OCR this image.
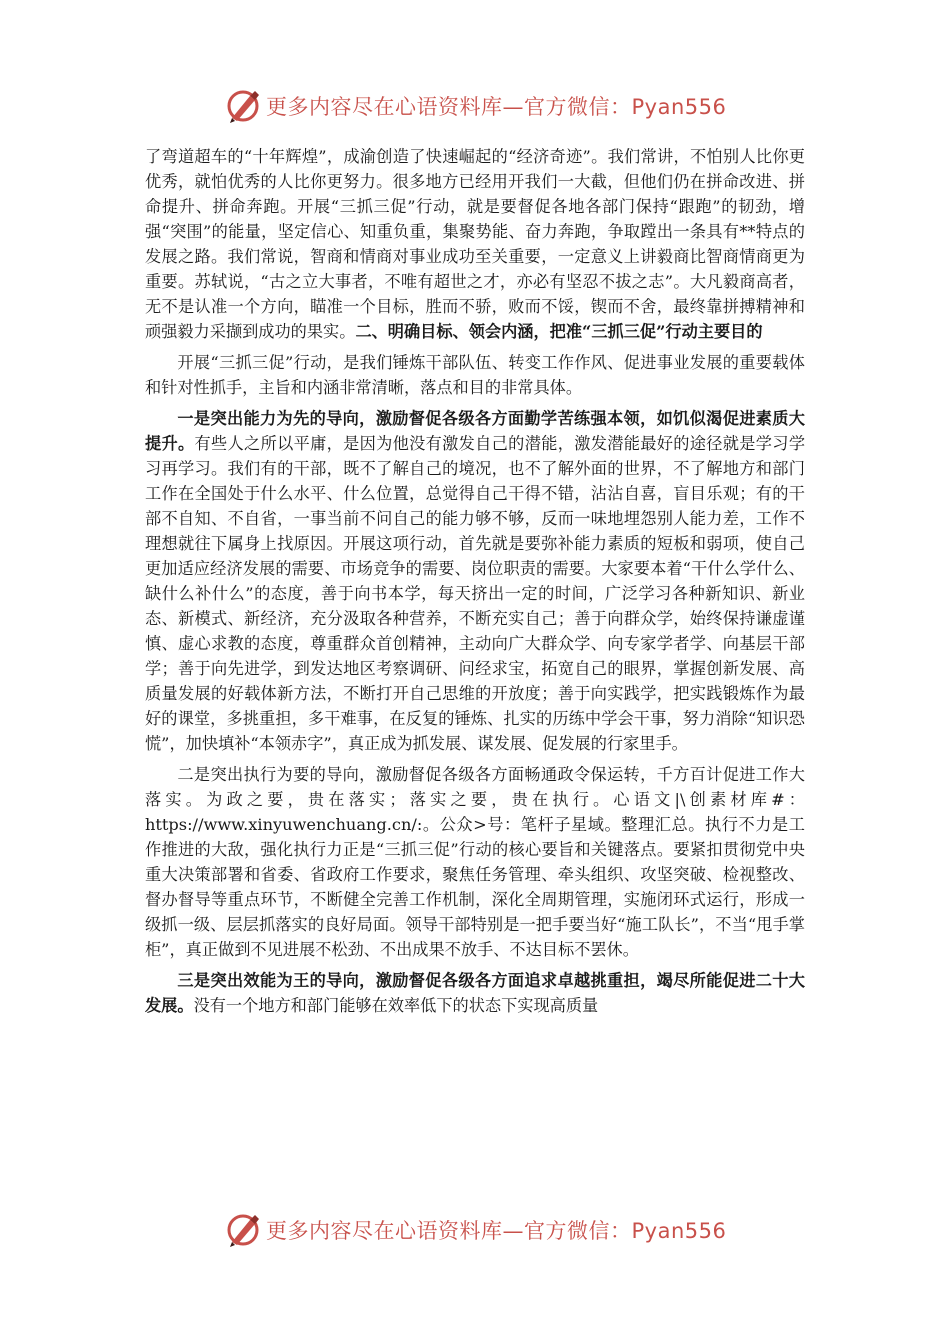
更多内容尽在心语资料库—官方微信：Pyan556

了弯道超车的“十年辉煌”，成渝创造了快速崛起的“经济奇迹”。我们常讲，不怕别人比你更优秀，就怕优秀的人比你更努力。很多地方已经用开我们一大截，但他们仍在拼命改进、拼命提升、拼命奔跑。开展“三抓三促”行动，就是要督促各地各部门保持“跟跑”的韧劲，增强“突围”的能量，坚定信心、知重负重，集聚势能、奋力奔跑，争取蹚出一条具有**特点的发展之路。我们常说，智商和情商对事业成功至关重要，一定意义上讲毅商比智商情商更为重要。苏轼说，“古之立大事者，不唯有超世之才，亦必有坚忍不拔之志”。大凡毅商高者，无不是认准一个方向，瞄准一个目标，胜而不骄，败而不馁，锲而不舍，最终靠拼搏精神和顽强毅力采撷到成功的果实。二、明确目标、领会内涵，把准“三抓三促”行动主要目的

开展“三抓三促”行动，是我们锤炼干部队伍、转变工作作风、促进事业发展的重要载体和针对性抓手，主旨和内涵非常清晰，落点和目的非常具体。

一是突出能力为先的导向，激励督促各级各方面勤学苦练强本领，如饥似渴促进素质大提升。有些人之所以平庸，是因为他没有激发自己的潜能，激发潜能最好的途径就是学习学习再学习。我们有的干部，既不了解自己的境况，也不了解外面的世界，不了解地方和部门工作在全国处于什么水平、什么位置，总觉得自己干得不错，沾沾自喜，盲目乐观；有的干部不自知、不自省，一事当前不问自己的能力够不够，反而一味地埋怨别人能力差，工作不理想就往下属身上找原因。开展这项行动，首先就是要弥补能力素质的短板和弱项，使自己更加适应经济发展的需要、市场竞争的需要、岗位职责的需要。大家要本着“干什么学什么、缺什么补什么”的态度，善于向书本学，每天挤出一定的时间，广泛学习各种新知识、新业态、新模式、新经济，充分汲取各种营养，不断充实自己；善于向群众学，始终保持谦虚谨慎、虚心求教的态度，尊重群众首创精神，主动向广大群众学、向专家学者学、向基层干部学；善于向先进学，到发达地区考察调研、问经求宝，拓宽自己的眼界，掌握创新发展、高质量发展的好载体新方法，不断打开自己思维的开放度；善于向实践学，把实践锻炼作为最好的课堂，多挑重担，多干难事，在反复的锤炼、扎实的历练中学会干事，努力消除“知识恐慌”，加快填补“本领赤字”，真正成为抓发展、谋发展、促发展的行家里手。

二是突出执行为要的导向，激励督促各级各方面畅通政令保运转，千方百计促进工作大落实。为政之要，贵在落实；落实之要，贵在执行。心语文|\创素材库#：https://www.xinyuwenchuang.cn/:。公众>号：笔杆子星域。整理汇总。执行不力是工作推进的大敌，强化执行力正是“三抓三促”行动的核心要旨和关键落点。要紧扣贯彻党中央重大决策部署和省委、省政府工作要求，聚焦任务管理、牵头组织、攻坚突破、检视整改、督办督导等重点环节，不断健全完善工作机制，深化全周期管理，实施闭环式运行，形成一级抓一级、层层抓落实的良好局面。领导干部特别是一把手要当好“施工队长”，不当“甩手掌柜”，真正做到不见进展不松劲、不出成果不放手、不达目标不罢休。

三是突出效能为王的导向，激励督促各级各方面追求卓越挑重担，竭尽所能促进二十大发展。没有一个地方和部门能够在效率低下的状态下实现高质量

更多内容尽在心语资料库—官方微信：Pyan556
